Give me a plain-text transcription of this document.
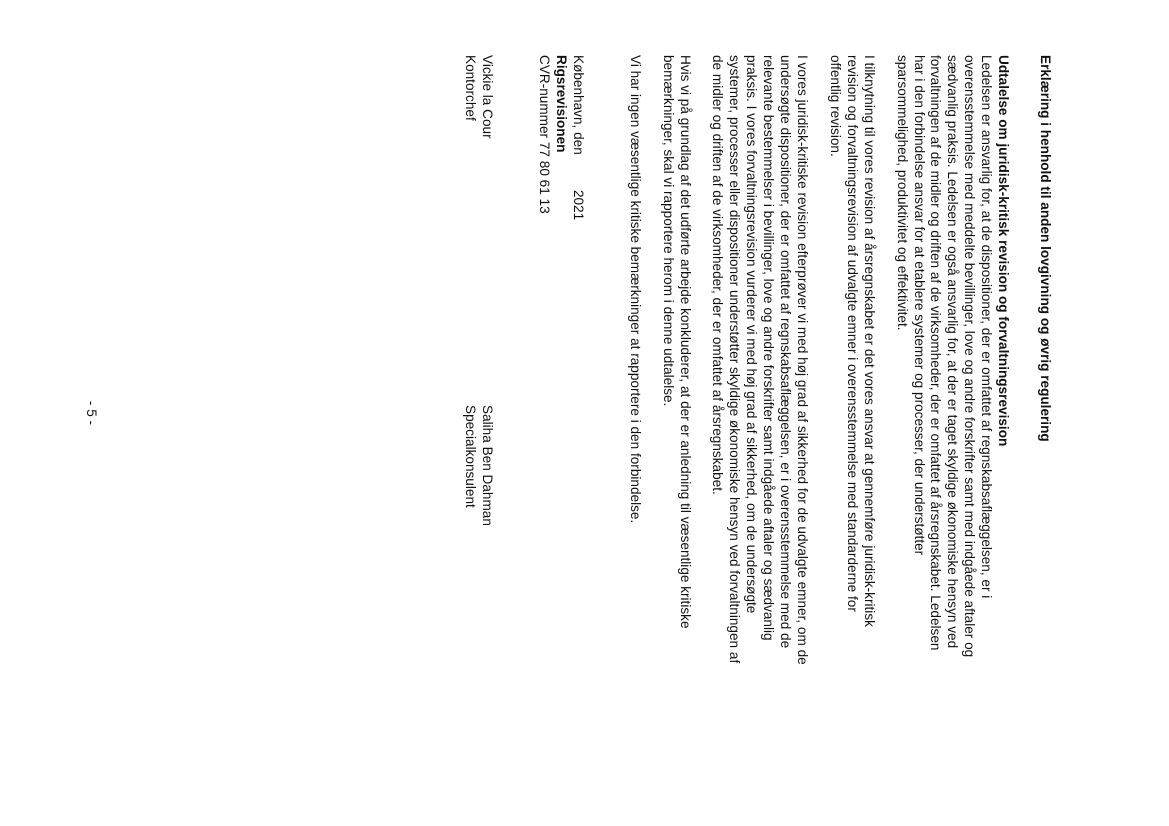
Erklæring i henhold til anden lovgivning og øvrig regulering

Udtalelse om juridisk-kritisk revision og forvaltningsrevision

Ledelsen er ansvarlig for, at de dispositioner, der er omfattet af regnskabsaflæggelsen, er i

overensstemmelse med meddelte bevillinger, love og andre forskrifter samt med indgåede aftaler og

sædvanlig praksis. Ledelsen er også ansvarlig for, at der er taget skyldige økonomiske hensyn ved

forvaltningen af de midler og driften af de virksomheder, der er omfattet af årsregnskabet. Ledelsen

har i den forbindelse ansvar for at etablere systemer og processer, der understøtter

sparsommelighed, produktivitet og effektivitet.

I tilknytning til vores revision af årsregnskabet er det vores ansvar at gennemføre juridisk-kritisk

revision og forvaltningsrevision af udvalgte emner i overensstemmelse med standarderne for

offentlig revision.

I vores juridisk-kritiske revision efterprøver vi med høj grad af sikkerhed for de udvalgte emner, om de

undersøgte dispositioner, der er omfattet af regnskabsaflæggelsen, er i overensstemmelse med de

relevante bestemmelser i bevillinger, love og andre forskrifter samt indgåede aftaler og sædvanlig

praksis. I vores forvaltningsrevision vurderer vi med høj grad af sikkerhed, om de undersøgte

systemer, processer eller dispositioner understøtter skyldige økonomiske hensyn ved forvaltningen af

de midler og driften af de virksomheder, der er omfattet af årsregnskabet.

Hvis vi på grundlag af det udførte arbejde konkluderer, at der er anledning til væsentlige kritiske

bemærkninger, skal vi rapportere herom i denne udtalelse.

Vi har ingen væsentlige kritiske bemærkninger at rapportere i den forbindelse.

København, den
2021

Rigsrevisionen

CVR-nummer 77 80 61 13

Vickie la Cour

Kontorchef

Saliha Ben Dahman

Specialkonsulent

- 5 -
